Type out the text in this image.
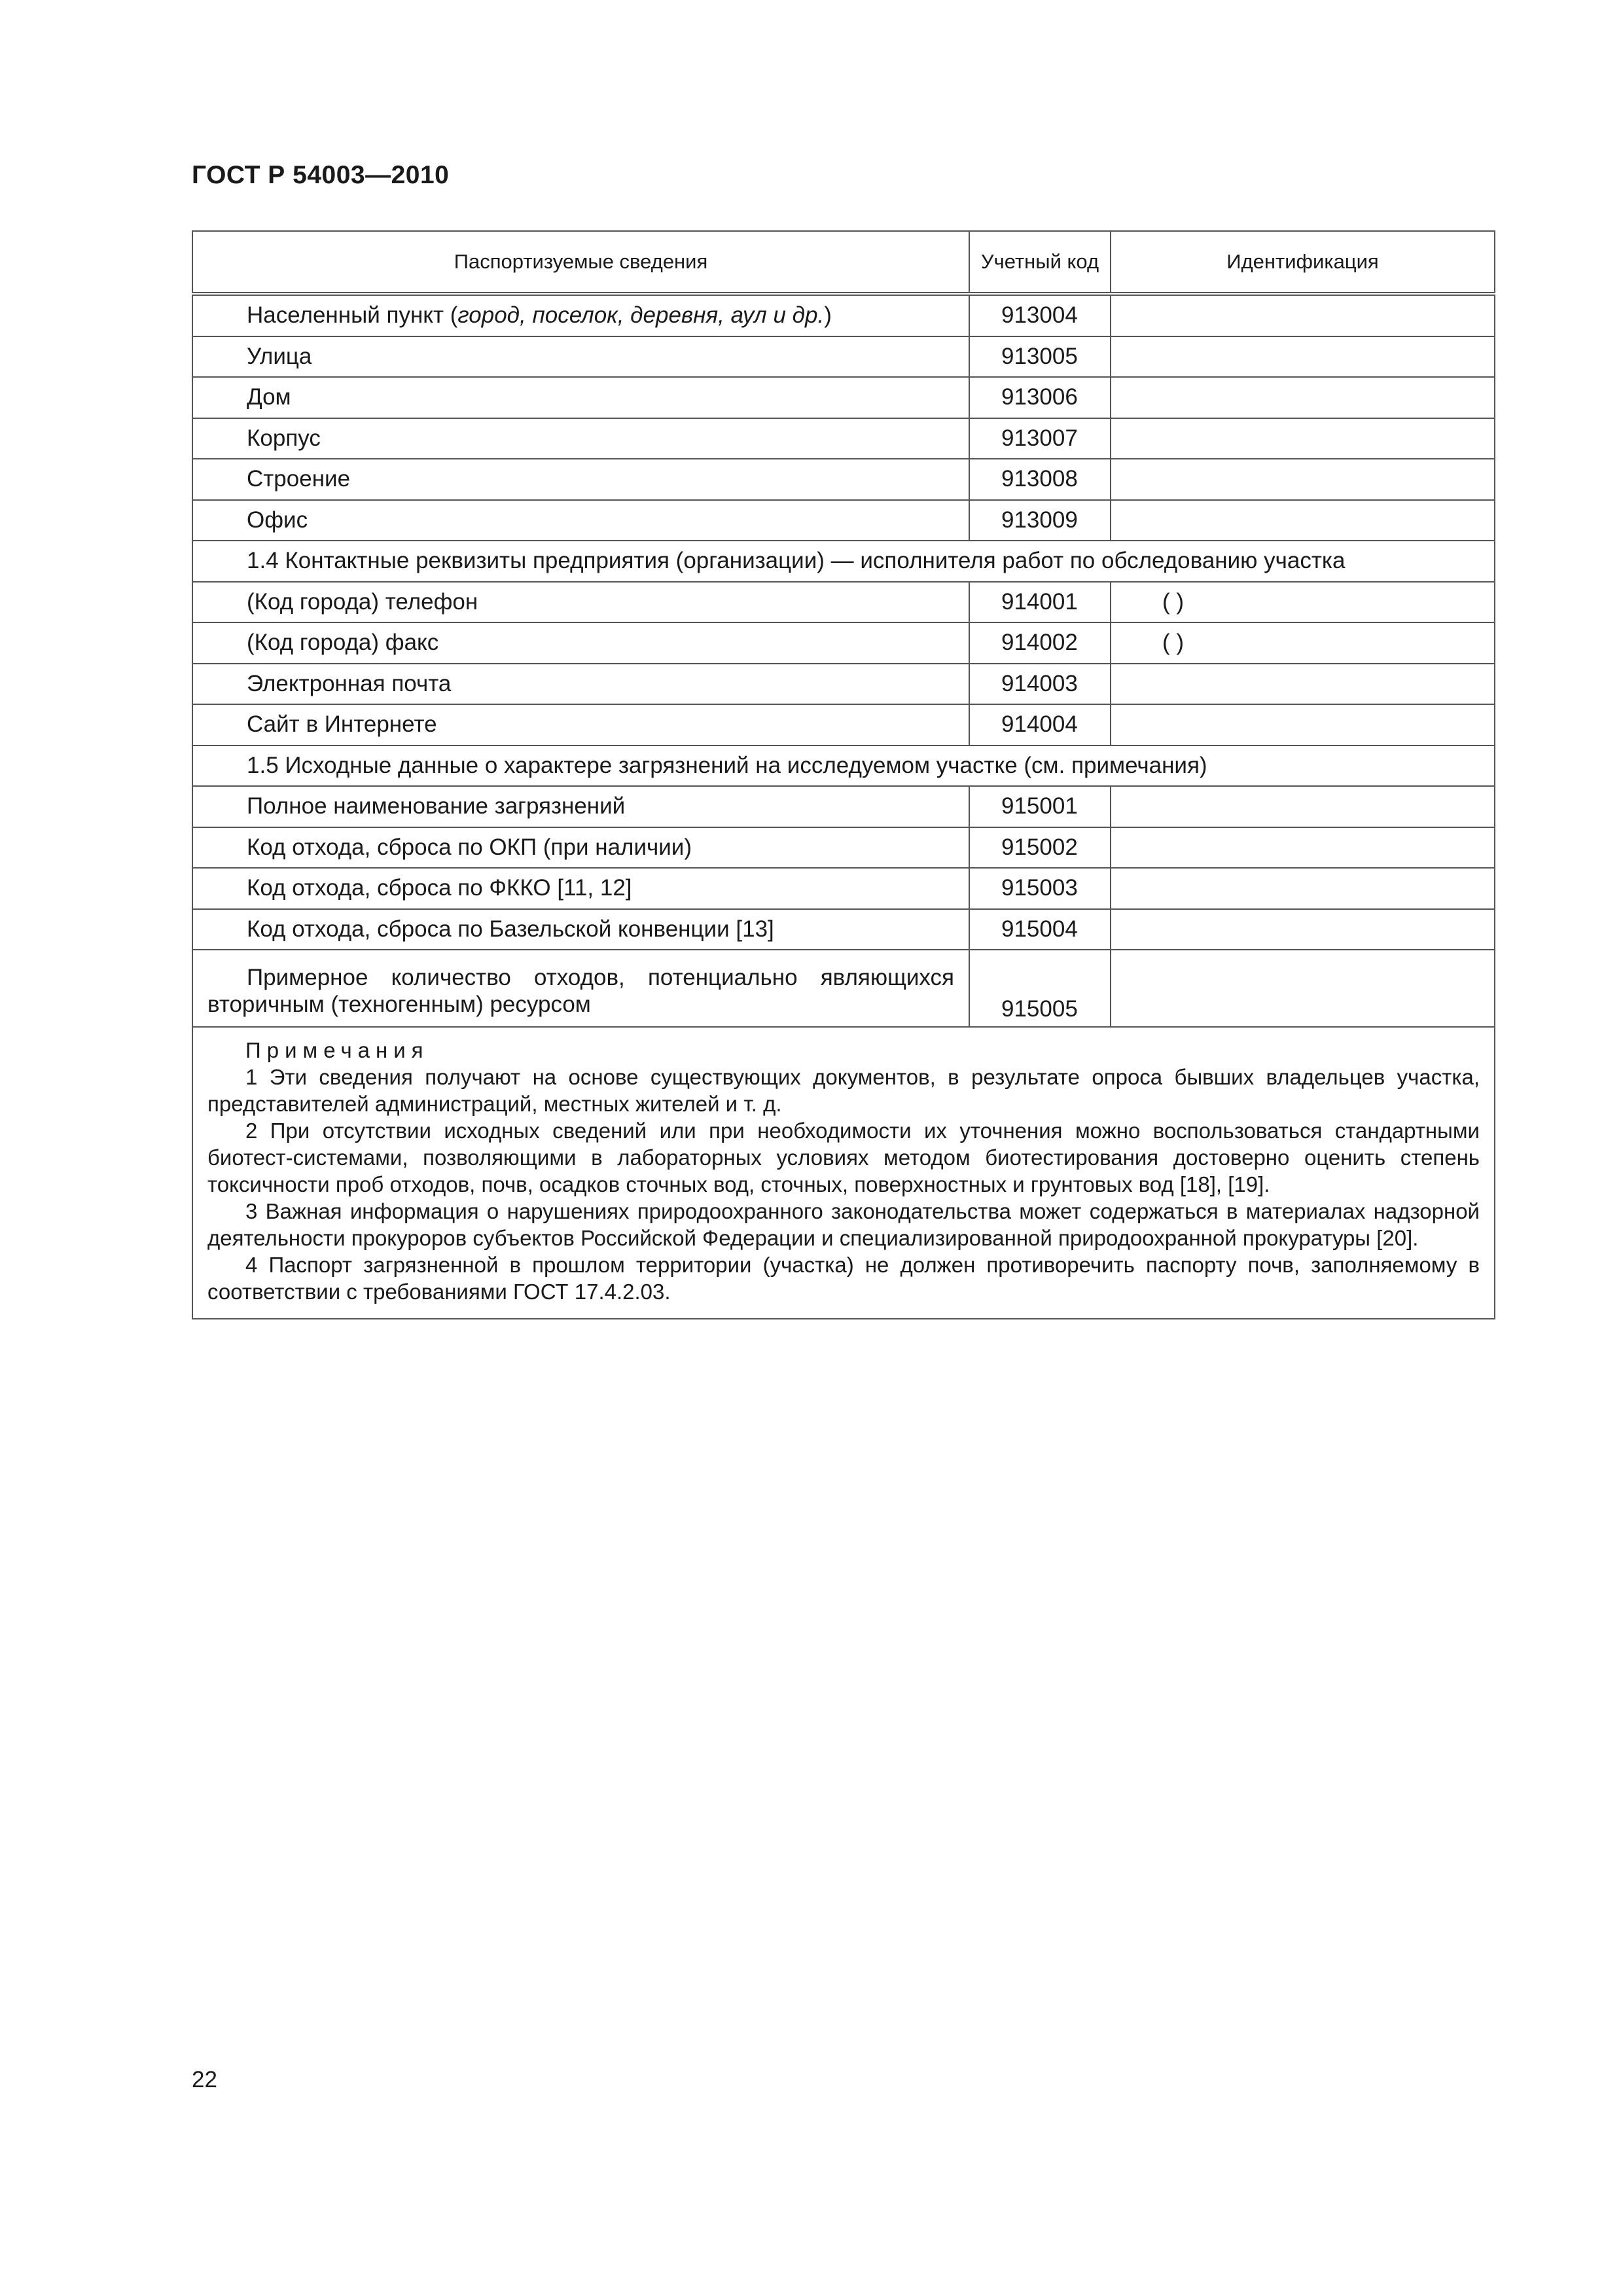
ГОСТ Р 54003—2010
Паспортизуемые сведения	Учетный код	Идентификация
Населенный пункт (город, поселок, деревня, аул и др.)	913004	
Улица	913005	
Дом	913006	
Корпус	913007	
Строение	913008	
Офис	913009	
1.4 Контактные реквизиты предприятия (организации) — исполнителя работ по обследованию участка		
(Код города) телефон	914001	( )
(Код города) факс	914002	( )
Электронная почта	914003	
Сайт в Интернете	914004	
1.5 Исходные данные о характере загрязнений на исследуемом участке (см. примечания)		
Полное наименование загрязнений	915001	
Код отхода, сброса по ОКП (при наличии)	915002	
Код отхода, сброса по ФККО [11, 12]	915003	
Код отхода, сброса по Базельской конвенции [13]	915004	

Примерное количество отходов, потенциально являющихся вторичным (техногенным) ресурсом	915005	

Примечания

1 Эти сведения получают на основе существующих документов, в результате опроса бывших владельцев участка, представителей администраций, местных жителей и т. д.

2 При отсутствии исходных сведений или при необходимости их уточнения можно воспользоваться стандартными биотест-системами, позволяющими в лабораторных условиях методом биотестирования достоверно оценить степень токсичности проб отходов, почв, осадков сточных вод, сточных, поверхностных и грунтовых вод [18], [19].

3 Важная информация о нарушениях природоохранного законодательства может содержаться в материалах надзорной деятельности прокуроров субъектов Российской Федерации и специализированной природоохранной прокуратуры [20].

4 Паспорт загрязненной в прошлом территории (участка) не должен противоречить паспорту почв, заполняемому в соответствии с требованиями ГОСТ 17.4.2.03.		

22
